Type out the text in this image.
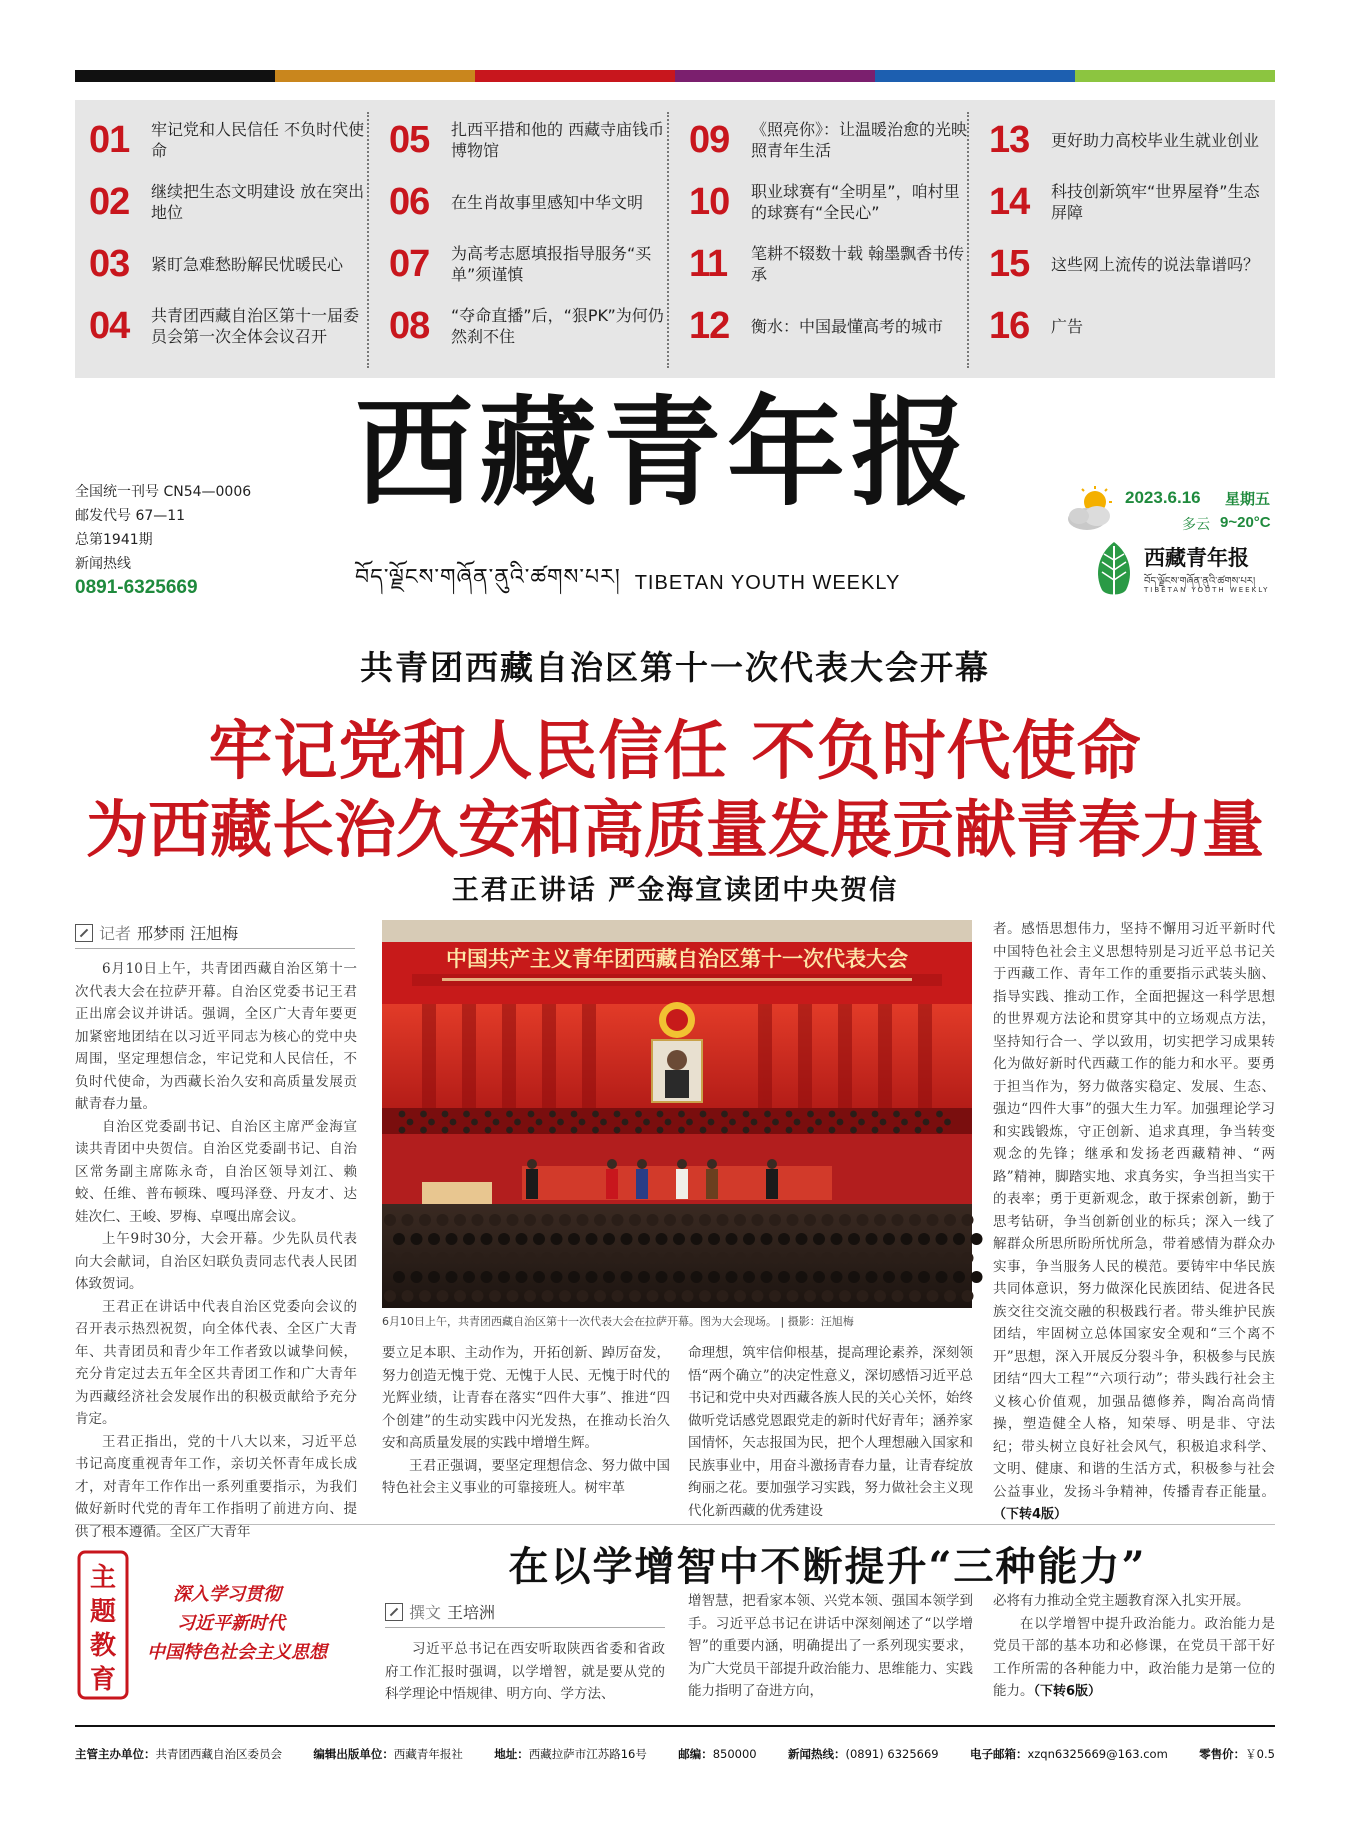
01	牢记党和人民信任 不负时代使命
02	继续把生态文明建设 放在突出地位
03	紧盯急难愁盼解民忧暖民心
04	共青团西藏自治区第十一届委员会第一次全体会议召开
05	扎西平措和他的 西藏寺庙钱币博物馆
06	在生肖故事里感知中华文明
07	为高考志愿填报指导服务“买单”须谨慎
08	“夺命直播”后，“狠PK”为何仍然刹不住
09	《照亮你》：让温暖治愈的光映照青年生活
10	职业球赛有“全明星”，咱村里的球赛有“全民心”
11	笔耕不辍数十载 翰墨飘香书传承
12	衡水：中国最懂高考的城市
13	更好助力高校毕业生就业创业
14	科技创新筑牢“世界屋脊”生态屏障
15	这些网上流传的说法靠谱吗？
16	广告
西藏青年报
བོད་ལྗོངས་གཞོན་ནུའི་ཚགས་པར། TIBETAN YOUTH WEEKLY
全国统一刊号 CN54—0006
邮发代号 67—11
总第1941期
新闻热线
0891-6325669
2023.6.16 星期五
多云 9~20°C
西藏青年报
བོད་ལྗོངས་གཞོན་ནུའི་ཚགས་པར།
TIBETAN YOUTH WEEKLY
共青团西藏自治区第十一次代表大会开幕
牢记党和人民信任 不负时代使命
为西藏长治久安和高质量发展贡献青春力量
王君正讲话 严金海宣读团中央贺信
记者 邢梦雨 汪旭梅

6月10日上午，共青团西藏自治区第十一次代表大会在拉萨开幕。自治区党委书记王君正出席会议并讲话。强调，全区广大青年要更加紧密地团结在以习近平同志为核心的党中央周围，坚定理想信念，牢记党和人民信任，不负时代使命，为西藏长治久安和高质量发展贡献青春力量。

自治区党委副书记、自治区主席严金海宣读共青团中央贺信。自治区党委副书记、自治区常务副主席陈永奇，自治区领导刘江、赖蛟、任维、普布顿珠、嘎玛泽登、丹友才、达娃次仁、王峻、罗梅、卓嘎出席会议。

上午9时30分，大会开幕。少先队员代表向大会献词，自治区妇联负责同志代表人民团体致贺词。

王君正在讲话中代表自治区党委向会议的召开表示热烈祝贺，向全体代表、全区广大青年、共青团员和青少年工作者致以诚挚问候，充分肯定过去五年全区共青团工作和广大青年为西藏经济社会发展作出的积极贡献给予充分肯定。

王君正指出，党的十八大以来，习近平总书记高度重视青年工作，亲切关怀青年成长成才，对青年工作作出一系列重要指示，为我们做好新时代党的青年工作指明了前进方向、提供了根本遵循。全区广大青年

中国共产主义青年团西藏自治区第十一次代表大会
6月10日上午，共青团西藏自治区第十一次代表大会在拉萨开幕。图为大会现场。 | 摄影：汪旭梅

要立足本职、主动作为，开拓创新、踔厉奋发，努力创造无愧于党、无愧于人民、无愧于时代的光辉业绩，让青春在落实“四件大事”、推进“四个创建”的生动实践中闪光发热，在推动长治久安和高质量发展的实践中增增生辉。

王君正强调，要坚定理想信念、努力做中国特色社会主义事业的可靠接班人。树牢革

命理想，筑牢信仰根基，提高理论素养，深刻领悟“两个确立”的决定性意义，深切感悟习近平总书记和党中央对西藏各族人民的关心关怀，始终做听党话感党恩跟党走的新时代好青年；涵养家国情怀，矢志报国为民，把个人理想融入国家和民族事业中，用奋斗激扬青春力量，让青春绽放绚丽之花。要加强学习实践，努力做社会主义现代化新西藏的优秀建设

者。感悟思想伟力，坚持不懈用习近平新时代中国特色社会主义思想特别是习近平总书记关于西藏工作、青年工作的重要指示武装头脑、指导实践、推动工作，全面把握这一科学思想的世界观方法论和贯穿其中的立场观点方法，坚持知行合一、学以致用，切实把学习成果转化为做好新时代西藏工作的能力和水平。要勇于担当作为，努力做落实稳定、发展、生态、强边“四件大事”的强大生力军。加强理论学习和实践锻炼，守正创新、追求真理，争当转变观念的先锋；继承和发扬老西藏精神、“两路”精神，脚踏实地、求真务实，争当担当实干的表率；勇于更新观念，敢于探索创新，勤于思考钻研，争当创新创业的标兵；深入一线了解群众所思所盼所忧所急，带着感情为群众办实事，争当服务人民的模范。要铸牢中华民族共同体意识，努力做深化民族团结、促进各民族交往交流交融的积极践行者。带头维护民族团结，牢固树立总体国家安全观和“三个离不开”思想，深入开展反分裂斗争，积极参与民族团结“四大工程”“六项行动”；带头践行社会主义核心价值观，加强品德修养，陶冶高尚情操，塑造健全人格，知荣辱、明是非、守法纪；带头树立良好社会风气，积极追求科学、文明、健康、和谐的生活方式，积极参与社会公益事业，发扬斗争精神，传播青春正能量。（下转4版）

主
题
教
育
深入学习贯彻
习近平新时代
中国特色社会主义思想
在以学增智中不断提升“三种能力”
撰文 王培洲

习近平总书记在西安听取陕西省委和省政府工作汇报时强调，以学增智，就是要从党的科学理论中悟规律、明方向、学方法、

增智慧，把看家本领、兴党本领、强国本领学到手。习近平总书记在讲话中深刻阐述了“以学增智”的重要内涵，明确提出了一系列现实要求，为广大党员干部提升政治能力、思维能力、实践能力指明了奋进方向，

必将有力推动全党主题教育深入扎实开展。

在以学增智中提升政治能力。政治能力是党员干部的基本功和必修课，在党员干部干好工作所需的各种能力中，政治能力是第一位的能力。（下转6版）

主管主办单位：共青团西藏自治区委员会	编辑出版单位：西藏青年报社	地址：西藏拉萨市江苏路16号	邮编：850000	新闻热线：(0891) 6325669	电子邮箱：xzqn6325669@163.com	零售价：￥0.5
